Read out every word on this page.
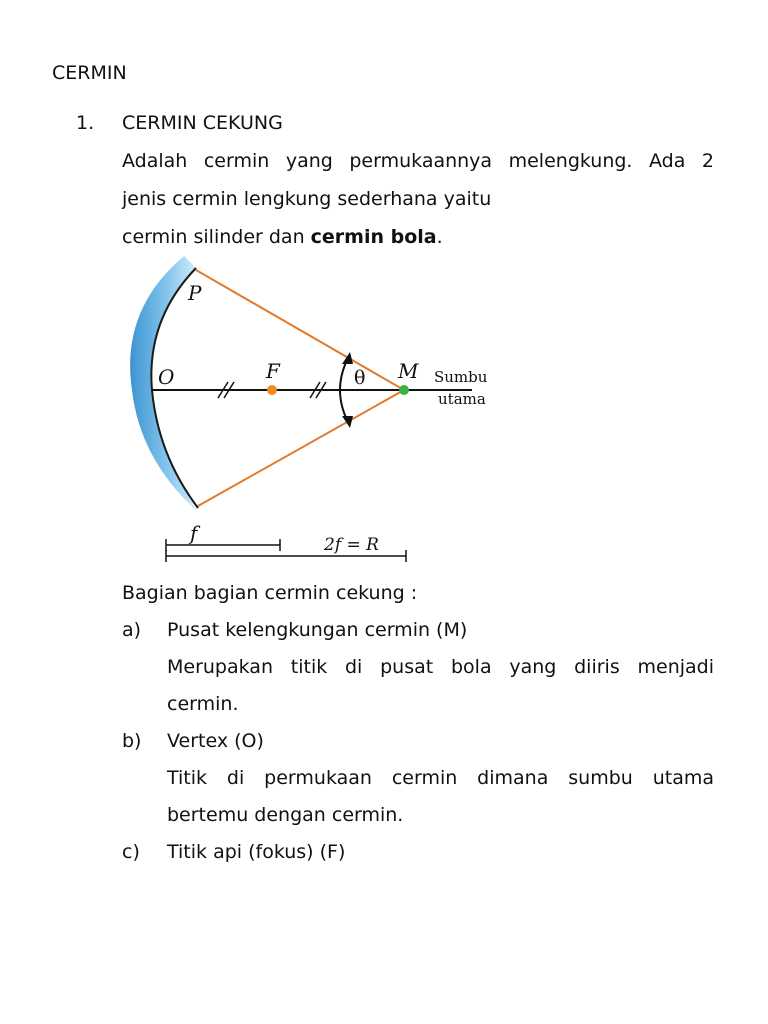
CERMIN
1. CERMIN CEKUNG
Adalah cermin yang permukaannya melengkung. Ada 2
jenis cermin lengkung sederhana yaitu
cermin silinder dan cermin bola.
P
O	F	θ M Sumbu
utama
f	2f = R
Bagian bagian cermin cekung :
a) Pusat kelengkungan cermin (M)
Merupakan titik di pusat bola yang diiris menjadi
cermin.
b) Vertex (O)
Titik di permukaan cermin dimana sumbu utama
bertemu dengan cermin.
c) Titik api (fokus) (F)
